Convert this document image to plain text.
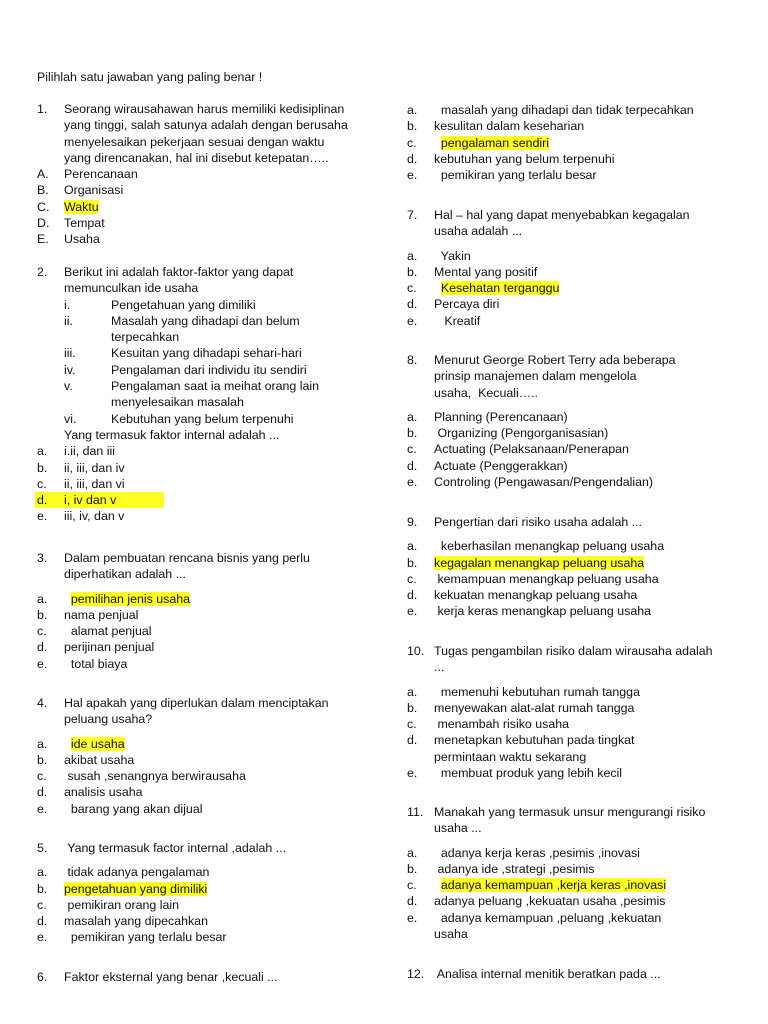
Pilihlah satu jawaban yang paling benar !
1.	Seorang wirausahawan harus memiliki kedisiplinan
yang tinggi, salah satunya adalah dengan berusaha
menyelesaikan pekerjaan sesuai dengan waktu
yang direncanakan, hal ini disebut ketepatan…..
A. Perencanaan
B. Organisasi
C. Waktu
D. Tempat
E. Usaha
2.	Berikut ini adalah faktor-faktor yang dapat
memunculkan ide usaha
i.	Pengetahuan yang dimiliki
ii.	Masalah yang dihadapi dan belum
terpecahkan
iii.	Kesuitan yang dihadapi sehari-hari
iv.	Pengalaman dari individu itu sendiri
v.	Pengalaman saat ia meihat orang lain
menyelesaikan masalah
vi.	Kebutuhan yang belum terpenuhi
Yang termasuk faktor internal adalah ...
a. i.ii, dan iii
b. ii, iii, dan iv
c. ii, iii, dan vi
d. i, iv dan v
e. iii, iv, dan v
3.	Dalam pembuatan rencana bisnis yang perlu
diperhatikan adalah ...
a. pemilihan jenis usaha
b. nama penjual
c. alamat penjual
d. perijinan penjual
e. total biaya
4.	Hal apakah yang diperlukan dalam menciptakan
peluang usaha?
a. ide usaha
b. akibat usaha
c. susah ,senangnya berwirausaha
d. analisis usaha
e. barang yang akan dijual
5.	Yang termasuk factor internal ,adalah ...
a. tidak adanya pengalaman
b. pengetahuan yang dimiliki
c. pemikiran orang lain
d. masalah yang dipecahkan
e. pemikiran yang terlalu besar
6.	Faktor eksternal yang benar ,kecuali ...
a. masalah yang dihadapi dan tidak terpecahkan
b. kesulitan dalam keseharian
c. pengalaman sendiri
d. kebutuhan yang belum terpenuhi
e. pemikiran yang terlalu besar
7.	Hal – hal yang dapat menyebabkan kegagalan
usaha adalah ...
a. Yakin
b. Mental yang positif
c. Kesehatan terganggu
d. Percaya diri
e. Kreatif
8.	Menurut George Robert Terry ada beberapa
prinsip manajemen dalam mengelola
usaha,  Kecuali…..
a. Planning (Perencanaan)
b. Organizing (Pengorganisasian)
c. Actuating (Pelaksanaan/Penerapan
d. Actuate (Penggerakkan)
e. Controling (Pengawasan/Pengendalian)
9.	Pengertian dari risiko usaha adalah ...
a. keberhasilan menangkap peluang usaha
b. kegagalan menangkap peluang usaha
c. kemampuan menangkap peluang usaha
d. kekuatan menangkap peluang usaha
e. kerja keras menangkap peluang usaha
10. Tugas pengambilan risiko dalam wirausaha adalah
...
a. memenuhi kebutuhan rumah tangga
b. menyewakan alat-alat rumah tangga
c. menambah risiko usaha
d. menetapkan kebutuhan pada tingkat
permintaan waktu sekarang
e. membuat produk yang lebih kecil
11. Manakah yang termasuk unsur mengurangi risiko
usaha ...
a. adanya kerja keras ,pesimis ,inovasi
b. adanya ide ,strategi ,pesimis
c. adanya kemampuan ,kerja keras ,inovasi
d. adanya peluang ,kekuatan usaha ,pesimis
e. adanya kemampuan ,peluang ,kekuatan
usaha
12. Analisa internal menitik beratkan pada ...
